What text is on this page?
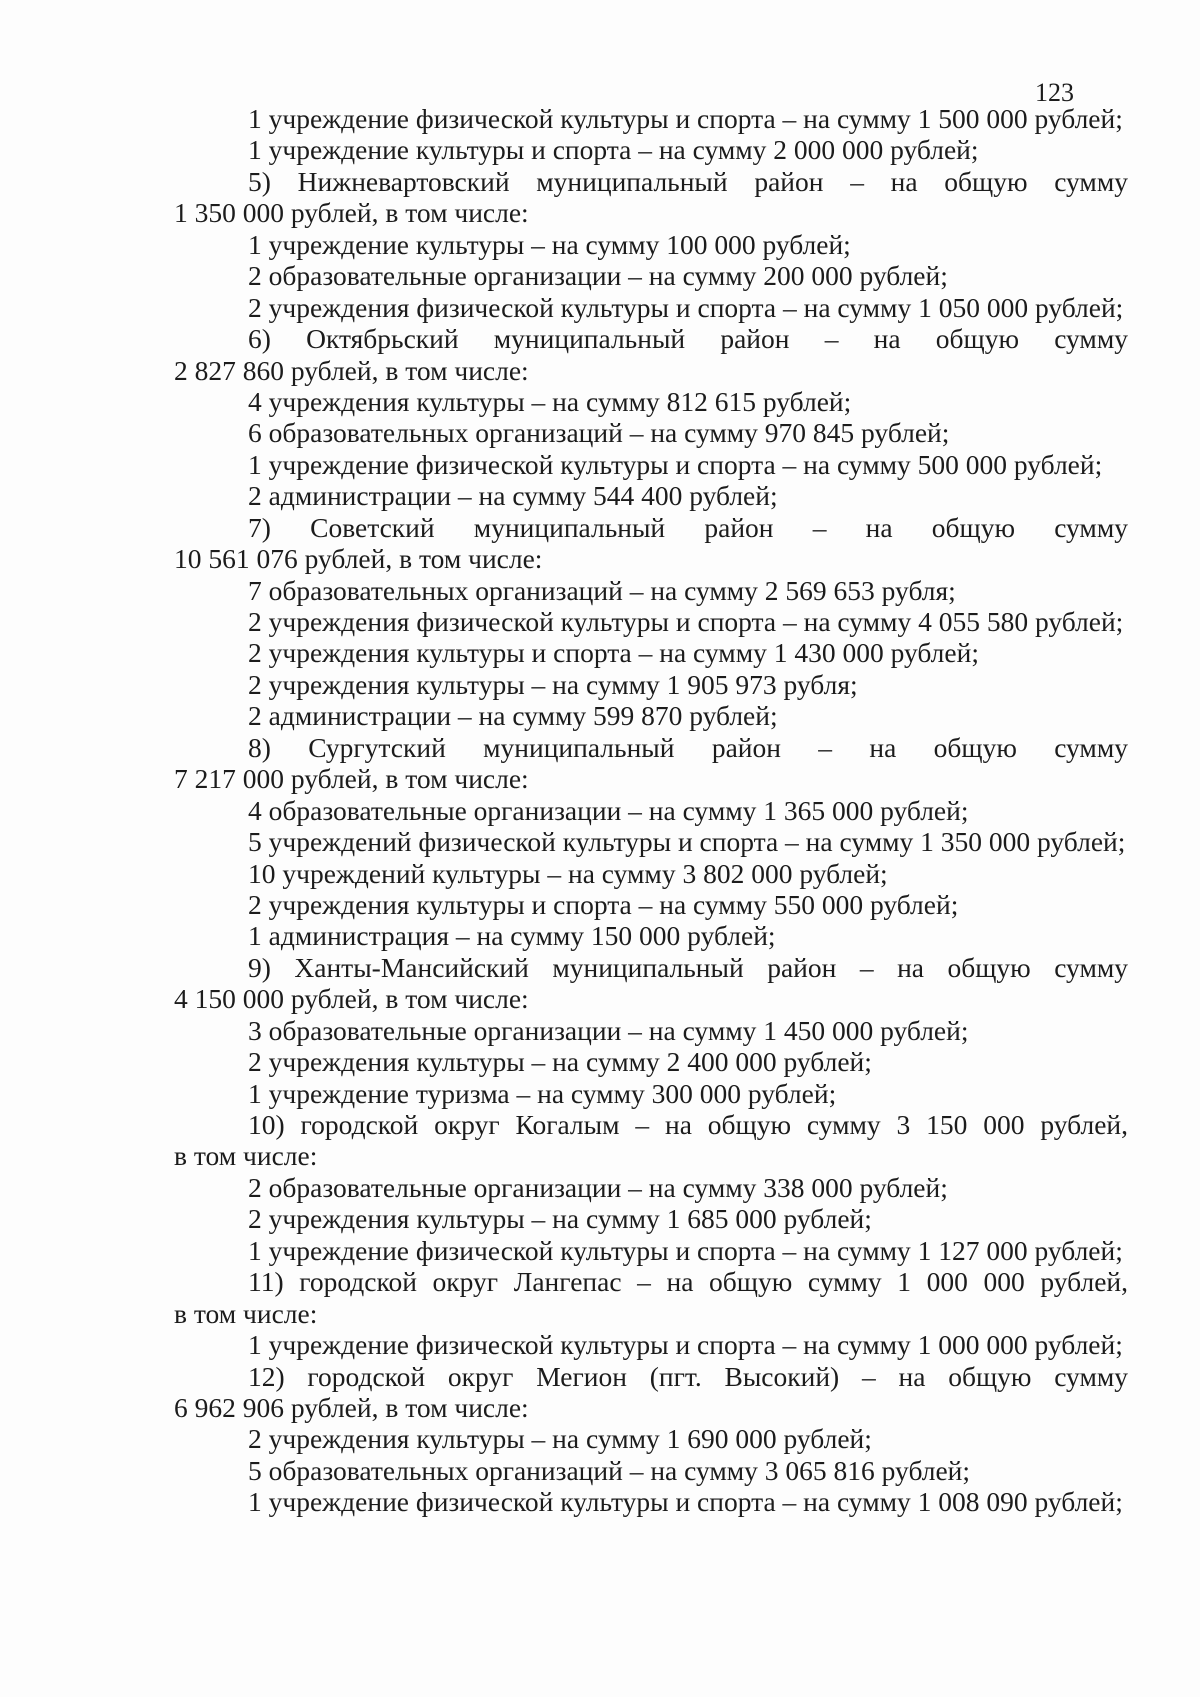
123
1 учреждение физической культуры и спорта – на сумму 1 500 000 рублей;
1 учреждение культуры и спорта – на сумму 2 000 000 рублей;
5) Нижневартовский муниципальный район – на общую сумму
1 350 000 рублей, в том числе:
1 учреждение культуры – на сумму 100 000 рублей;
2 образовательные организации – на сумму 200 000 рублей;
2 учреждения физической культуры и спорта – на сумму 1 050 000 рублей;
6) Октябрьский муниципальный район – на общую сумму
2 827 860 рублей, в том числе:
4 учреждения культуры – на сумму 812 615 рублей;
6 образовательных организаций – на сумму 970 845 рублей;
1 учреждение физической культуры и спорта – на сумму 500 000 рублей;
2 администрации – на сумму 544 400 рублей;
7) Советский муниципальный район – на общую сумму
10 561 076 рублей, в том числе:
7 образовательных организаций – на сумму 2 569 653 рубля;
2 учреждения физической культуры и спорта – на сумму 4 055 580 рублей;
2 учреждения культуры и спорта – на сумму 1 430 000 рублей;
2 учреждения культуры – на сумму 1 905 973 рубля;
2 администрации – на сумму 599 870 рублей;
8) Сургутский муниципальный район – на общую сумму
7 217 000 рублей, в том числе:
4 образовательные организации – на сумму 1 365 000 рублей;
5 учреждений физической культуры и спорта – на сумму 1 350 000 рублей;
10 учреждений культуры – на сумму 3 802 000 рублей;
2 учреждения культуры и спорта – на сумму 550 000 рублей;
1 администрация – на сумму 150 000 рублей;
9) Ханты-Мансийский муниципальный район – на общую сумму
4 150 000 рублей, в том числе:
3 образовательные организации – на сумму 1 450 000 рублей;
2 учреждения культуры – на сумму 2 400 000 рублей;
1 учреждение туризма – на сумму 300 000 рублей;
10) городской округ Когалым – на общую сумму 3 150 000 рублей,
в том числе:
2 образовательные организации – на сумму 338 000 рублей;
2 учреждения культуры – на сумму 1 685 000 рублей;
1 учреждение физической культуры и спорта – на сумму 1 127 000 рублей;
11) городской округ Лангепас – на общую сумму 1 000 000 рублей,
в том числе:
1 учреждение физической культуры и спорта – на сумму 1 000 000 рублей;
12) городской округ Мегион (пгт. Высокий) – на общую сумму
6 962 906 рублей, в том числе:
2 учреждения культуры – на сумму 1 690 000 рублей;
5 образовательных организаций – на сумму 3 065 816 рублей;
1 учреждение физической культуры и спорта – на сумму 1 008 090 рублей;
